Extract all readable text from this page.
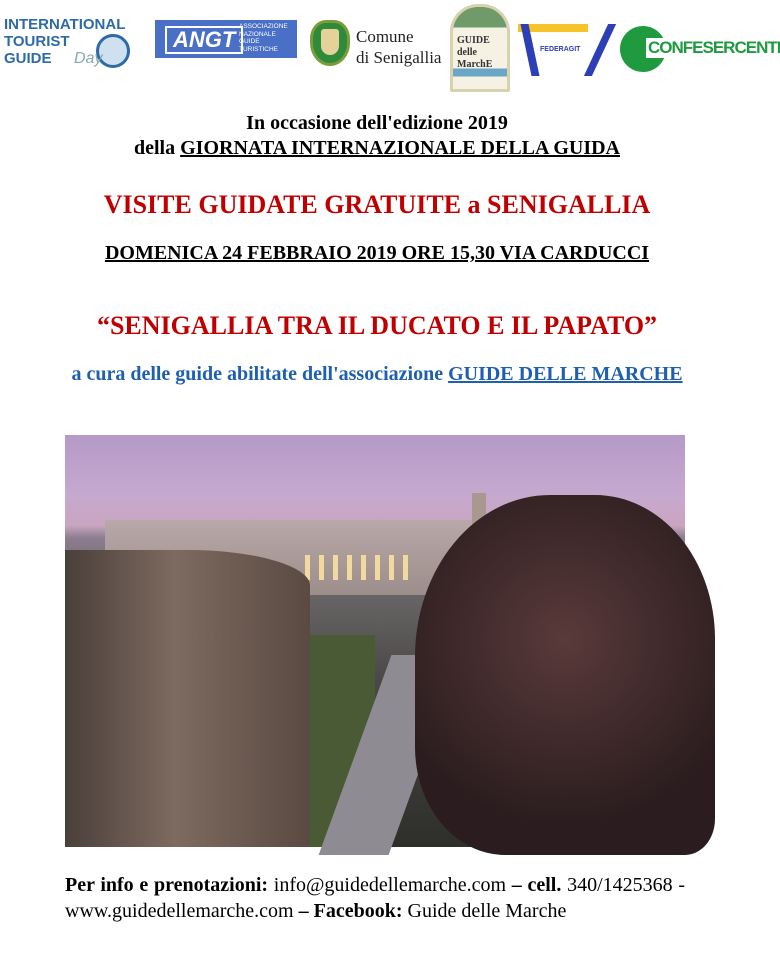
INTERNATIONAL
TOURIST
GUIDE	Day
ANGT
ASSOCIAZIONE
NAZIONALE
GUIDE
TURISTICHE
Comune
di Senigallia
GUIDE
delle
MarchE
FEDERAGIT	CONFESERCENTI
In occasione dell'edizione 2019
della GIORNATA INTERNAZIONALE DELLA GUIDA
VISITE GUIDATE GRATUITE a SENIGALLIA
DOMENICA 24 FEBBRAIO 2019 ORE 15,30 VIA CARDUCCI
“SENIGALLIA TRA IL DUCATO E IL PAPATO”
a cura delle guide abilitate dell'associazione GUIDE DELLE MARCHE
Per info e prenotazioni: info@guidedellemarche.com – cell. 340/1425368 - www.guidedellemarche.com – Facebook: Guide delle Marche
